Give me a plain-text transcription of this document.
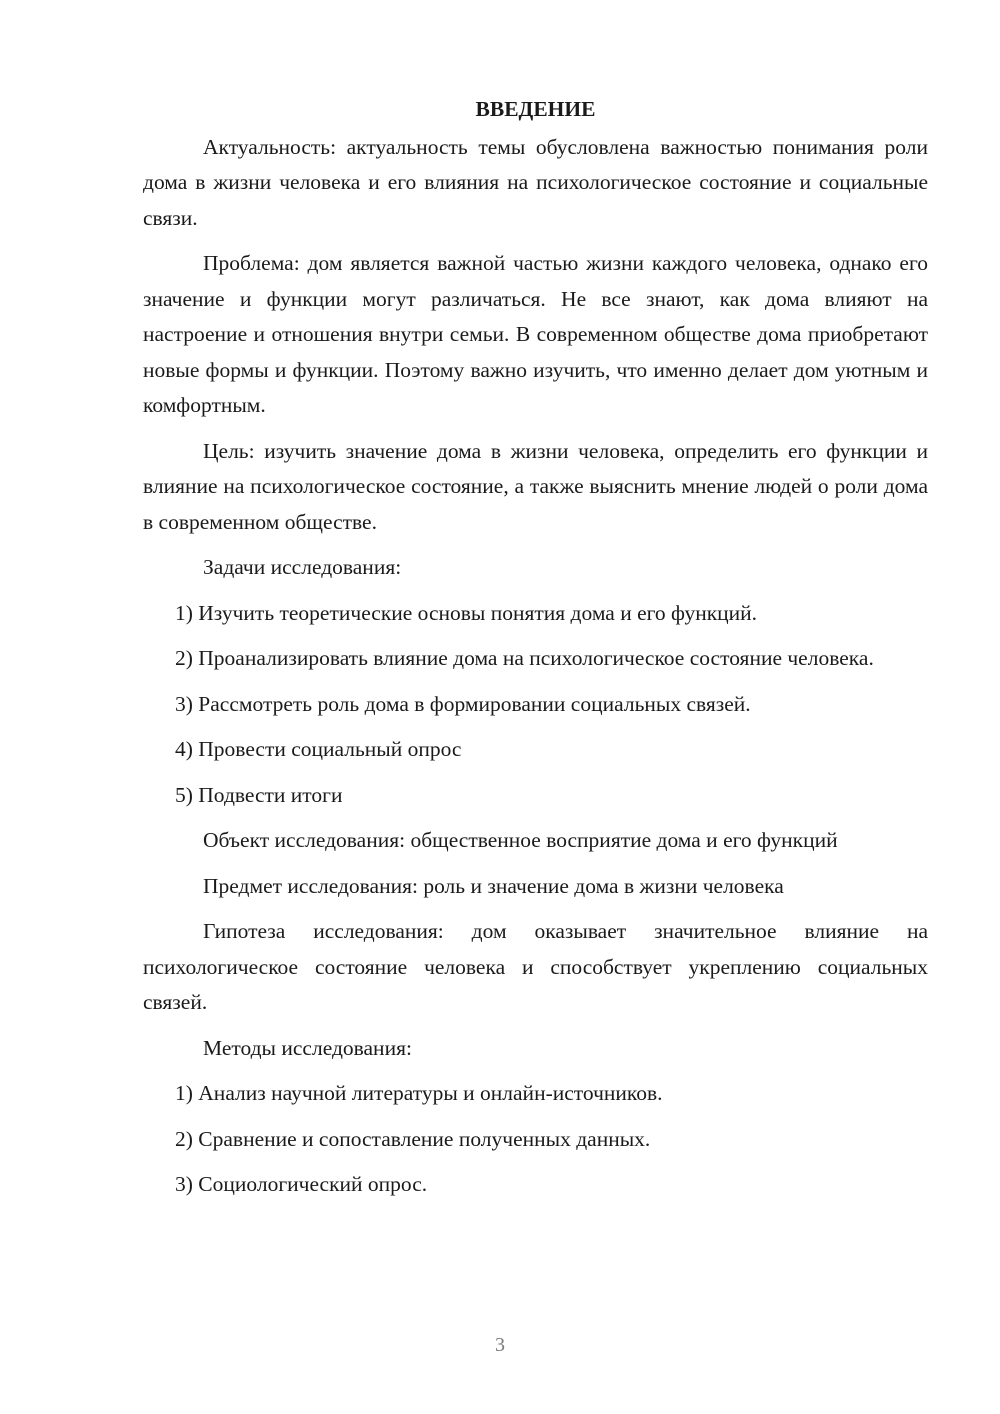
ВВЕДЕНИЕ

Актуальность: актуальность темы обусловлена важностью понимания роли дома в жизни человека и его влияния на психологическое состояние и социальные связи.

Проблема: дом является важной частью жизни каждого человека, однако его значение и функции могут различаться. Не все знают, как дома влияют на настроение и отношения внутри семьи. В современном обществе дома приобретают новые формы и функции. Поэтому важно изучить, что именно делает дом уютным и комфортным.

Цель: изучить значение дома в жизни человека, определить его функции и влияние на психологическое состояние, а также выяснить мнение людей о роли дома в современном обществе.

Задачи исследования:

1) Изучить теоретические основы понятия дома и его функций.

2) Проанализировать влияние дома на психологическое состояние человека.

3) Рассмотреть роль дома в формировании социальных связей.

4) Провести социальный опрос

5) Подвести итоги

Объект исследования: общественное восприятие дома и его функций

Предмет исследования: роль и значение дома в жизни человека

Гипотеза исследования: дом оказывает значительное влияние на психологическое состояние человека и способствует укреплению социальных связей.

Методы исследования:

1) Анализ научной литературы и онлайн-источников.

2) Сравнение и сопоставление полученных данных.

3) Социологический опрос.

3
